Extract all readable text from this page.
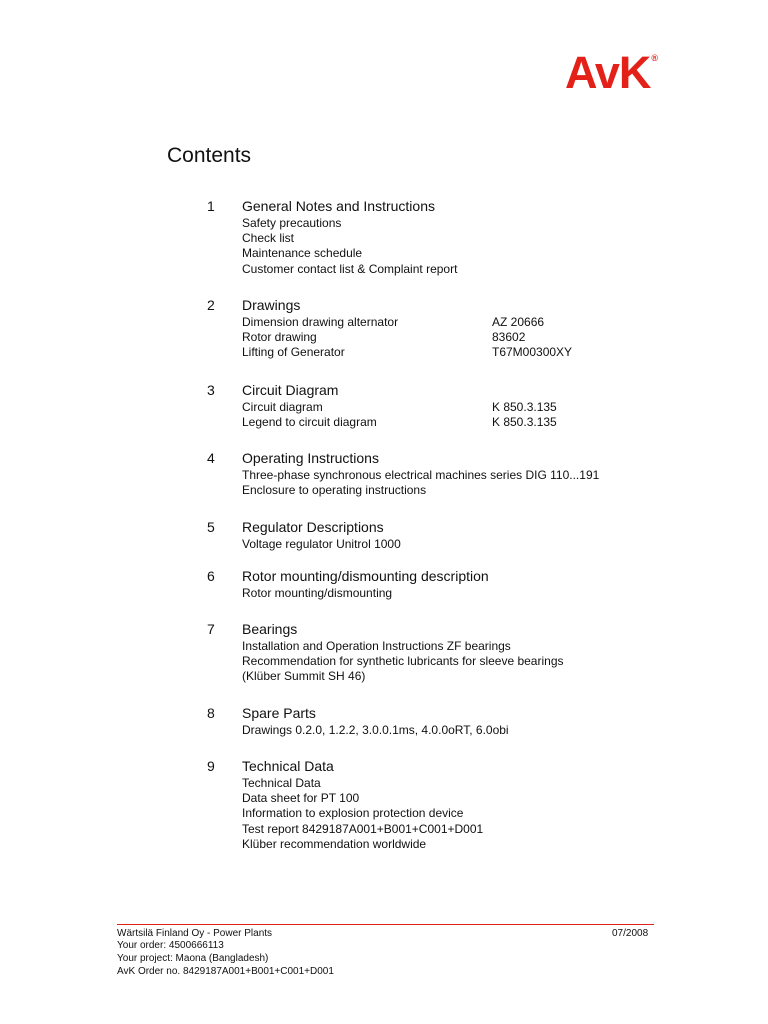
AvK®
Contents
1 General Notes and Instructions
Safety precautions
Check list
Maintenance schedule
Customer contact list & Complaint report
2 Drawings
Dimension drawing alternator	AZ 20666
Rotor drawing	83602
Lifting of Generator	T67M00300XY
3 Circuit Diagram
Circuit diagram	K 850.3.135
Legend to circuit diagram	K 850.3.135
4 Operating Instructions
Three-phase synchronous electrical machines series DIG 110...191
Enclosure to operating instructions
5 Regulator Descriptions
Voltage regulator Unitrol 1000
6 Rotor mounting/dismounting description
Rotor mounting/dismounting
7 Bearings
Installation and Operation Instructions ZF bearings
Recommendation for synthetic lubricants for sleeve bearings
(Klüber Summit SH 46)
8 Spare Parts
Drawings 0.2.0, 1.2.2, 3.0.0.1ms, 4.0.0oRT, 6.0obi
9 Technical Data
Technical Data
Data sheet for PT 100
Information to explosion protection device
Test report 8429187A001+B001+C001+D001
Klüber recommendation worldwide
Wärtsilä Finland Oy - Power Plants
Your order: 4500666113
Your project: Maona (Bangladesh)
AvK Order no. 8429187A001+B001+C001+D001
07/2008
